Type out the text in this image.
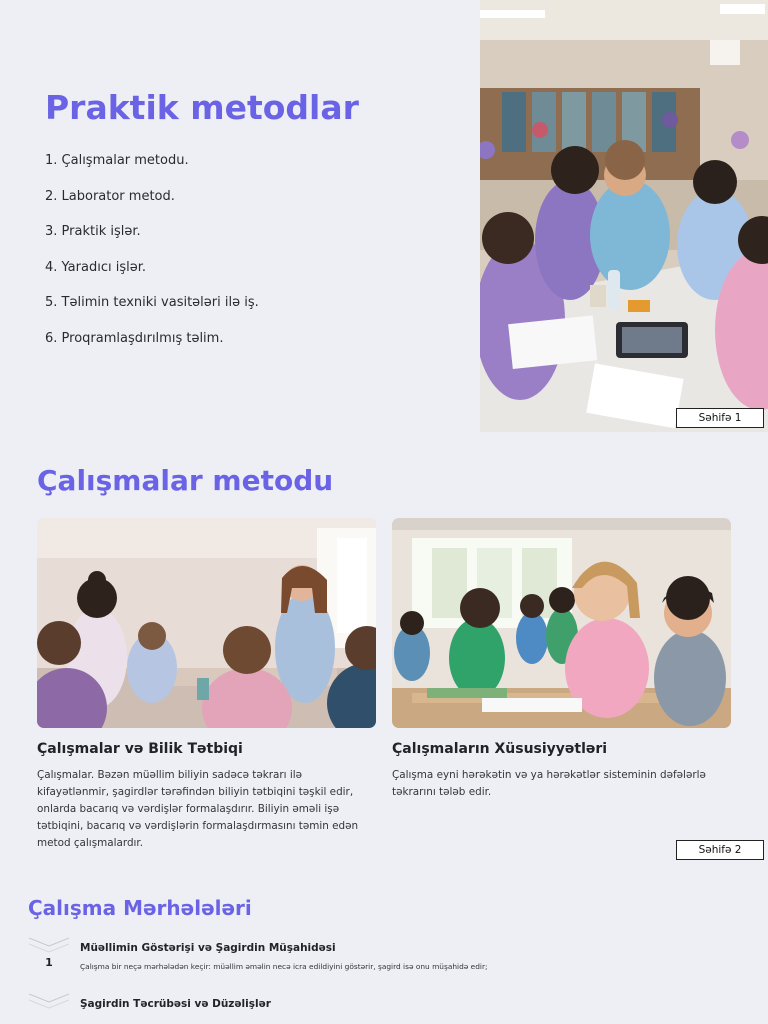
Praktik metodlar
1. Çalışmalar metodu.
2. Laborator metod.
3. Praktik işlər.
4. Yaradıcı işlər.
5. Təlimin texniki vasitələri ilə iş.
6. Proqramlaşdırılmış təlim.
Səhifə 1
Çalışmalar metodu
Çalışmalar və Bilik Tətbiqi

Çalışmalar. Bəzən müəllim biliyin sadəcə təkrarı ilə kifayətlənmir, şagirdlər tərəfindən biliyin tətbiqini təşkil edir, onlarda bacarıq və vərdişlər formalaşdırır. Biliyin əməli işə tətbiqini, bacarıq və vərdişlərin formalaşdırmasını təmin edən metod çalışmalardır.

Çalışmaların Xüsusiyyətləri

Çalışma eyni hərəkətin və ya hərəkətlər sisteminin dəfələrlə təkrarını tələb edir.

Səhifə 2
Çalışma Mərhələləri
1
Müəllimin Göstərişi və Şagirdin Müşahidəsi

Çalışma bir neçə mərhələdən keçir: müəllim əməlin necə icra edildiyini göstərir, şagird isə onu müşahidə edir;

Şagirdin Təcrübəsi və Düzəlişlər
